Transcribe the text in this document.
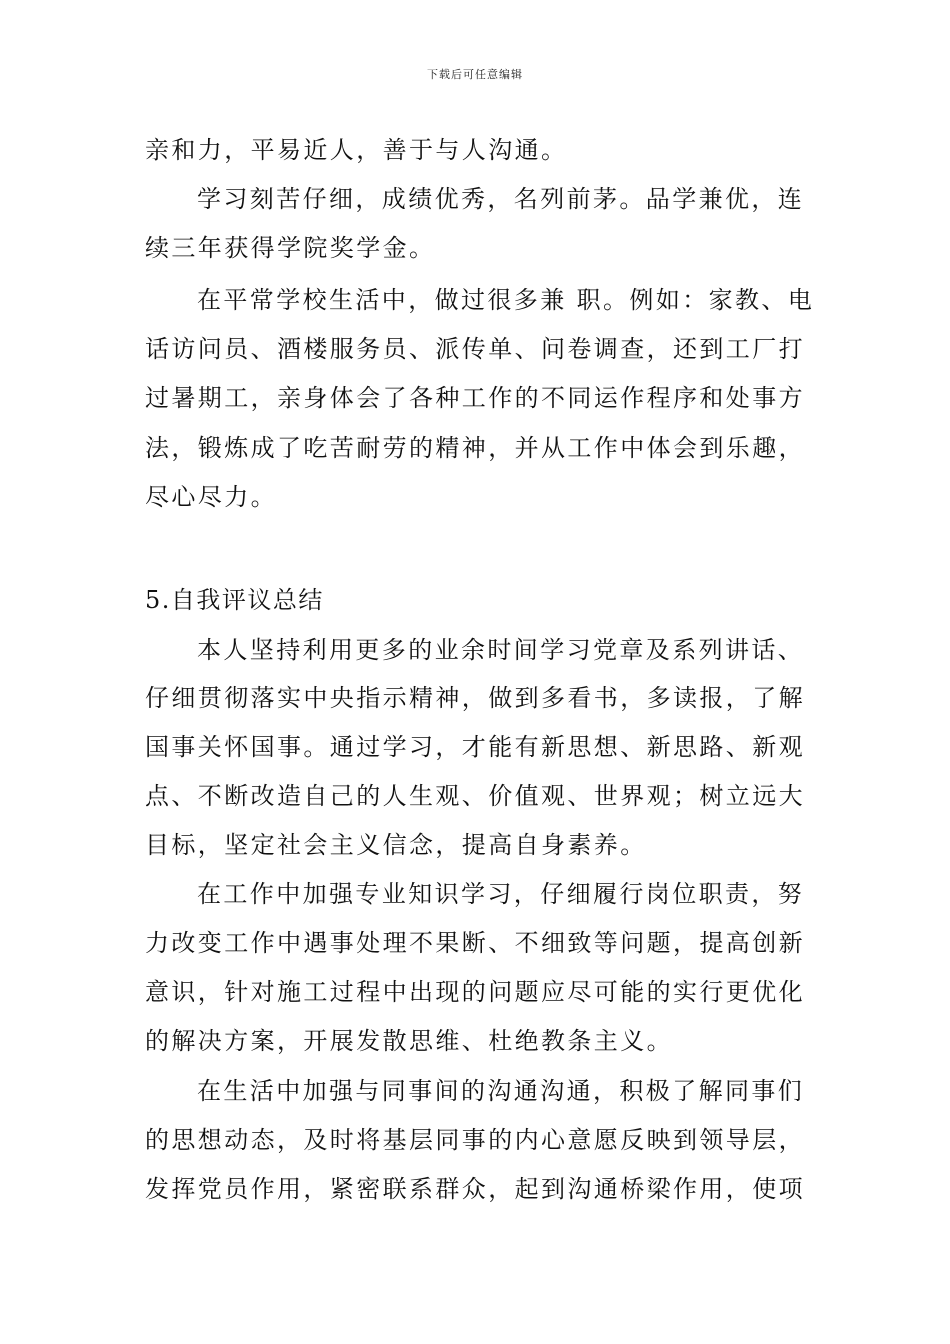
下载后可任意编辑
亲和力，平易近人，善于与人沟通。
学习刻苦仔细，成绩优秀，名列前茅。品学兼优，连
续三年获得学院奖学金。
在平常学校生活中，做过很多兼 职。例如：家教、电
话访问员、酒楼服务员、派传单、问卷调查，还到工厂打
过暑期工，亲身体会了各种工作的不同运作程序和处事方
法，锻炼成了吃苦耐劳的精神，并从工作中体会到乐趣，
尽心尽力。
5.自我评议总结
本人坚持利用更多的业余时间学习党章及系列讲话、
仔细贯彻落实中央指示精神，做到多看书，多读报，了解
国事关怀国事。通过学习，才能有新思想、新思路、新观
点、不断改造自己的人生观、价值观、世界观；树立远大
目标，坚定社会主义信念，提高自身素养。
在工作中加强专业知识学习，仔细履行岗位职责，努
力改变工作中遇事处理不果断、不细致等问题，提高创新
意识，针对施工过程中出现的问题应尽可能的实行更优化
的解决方案，开展发散思维、杜绝教条主义。
在生活中加强与同事间的沟通沟通，积极了解同事们
的思想动态，及时将基层同事的内心意愿反映到领导层，
发挥党员作用，紧密联系群众，起到沟通桥梁作用，使项
